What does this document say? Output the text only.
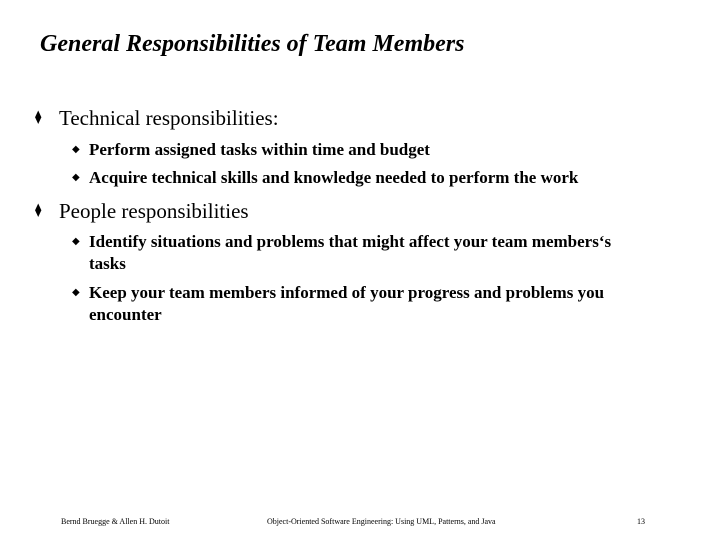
General Responsibilities of Team Members
⧫ Technical responsibilities:
◆ Perform assigned tasks within time and budget
◆ Acquire technical skills and knowledge needed to perform the work
⧫ People responsibilities
◆ Identify situations and problems that might affect your team members‘s tasks
◆ Keep your team members informed of your progress and problems you encounter
Bernd Bruegge & Allen H. Dutoit	Object-Oriented Software Engineering: Using UML, Patterns, and Java	13
